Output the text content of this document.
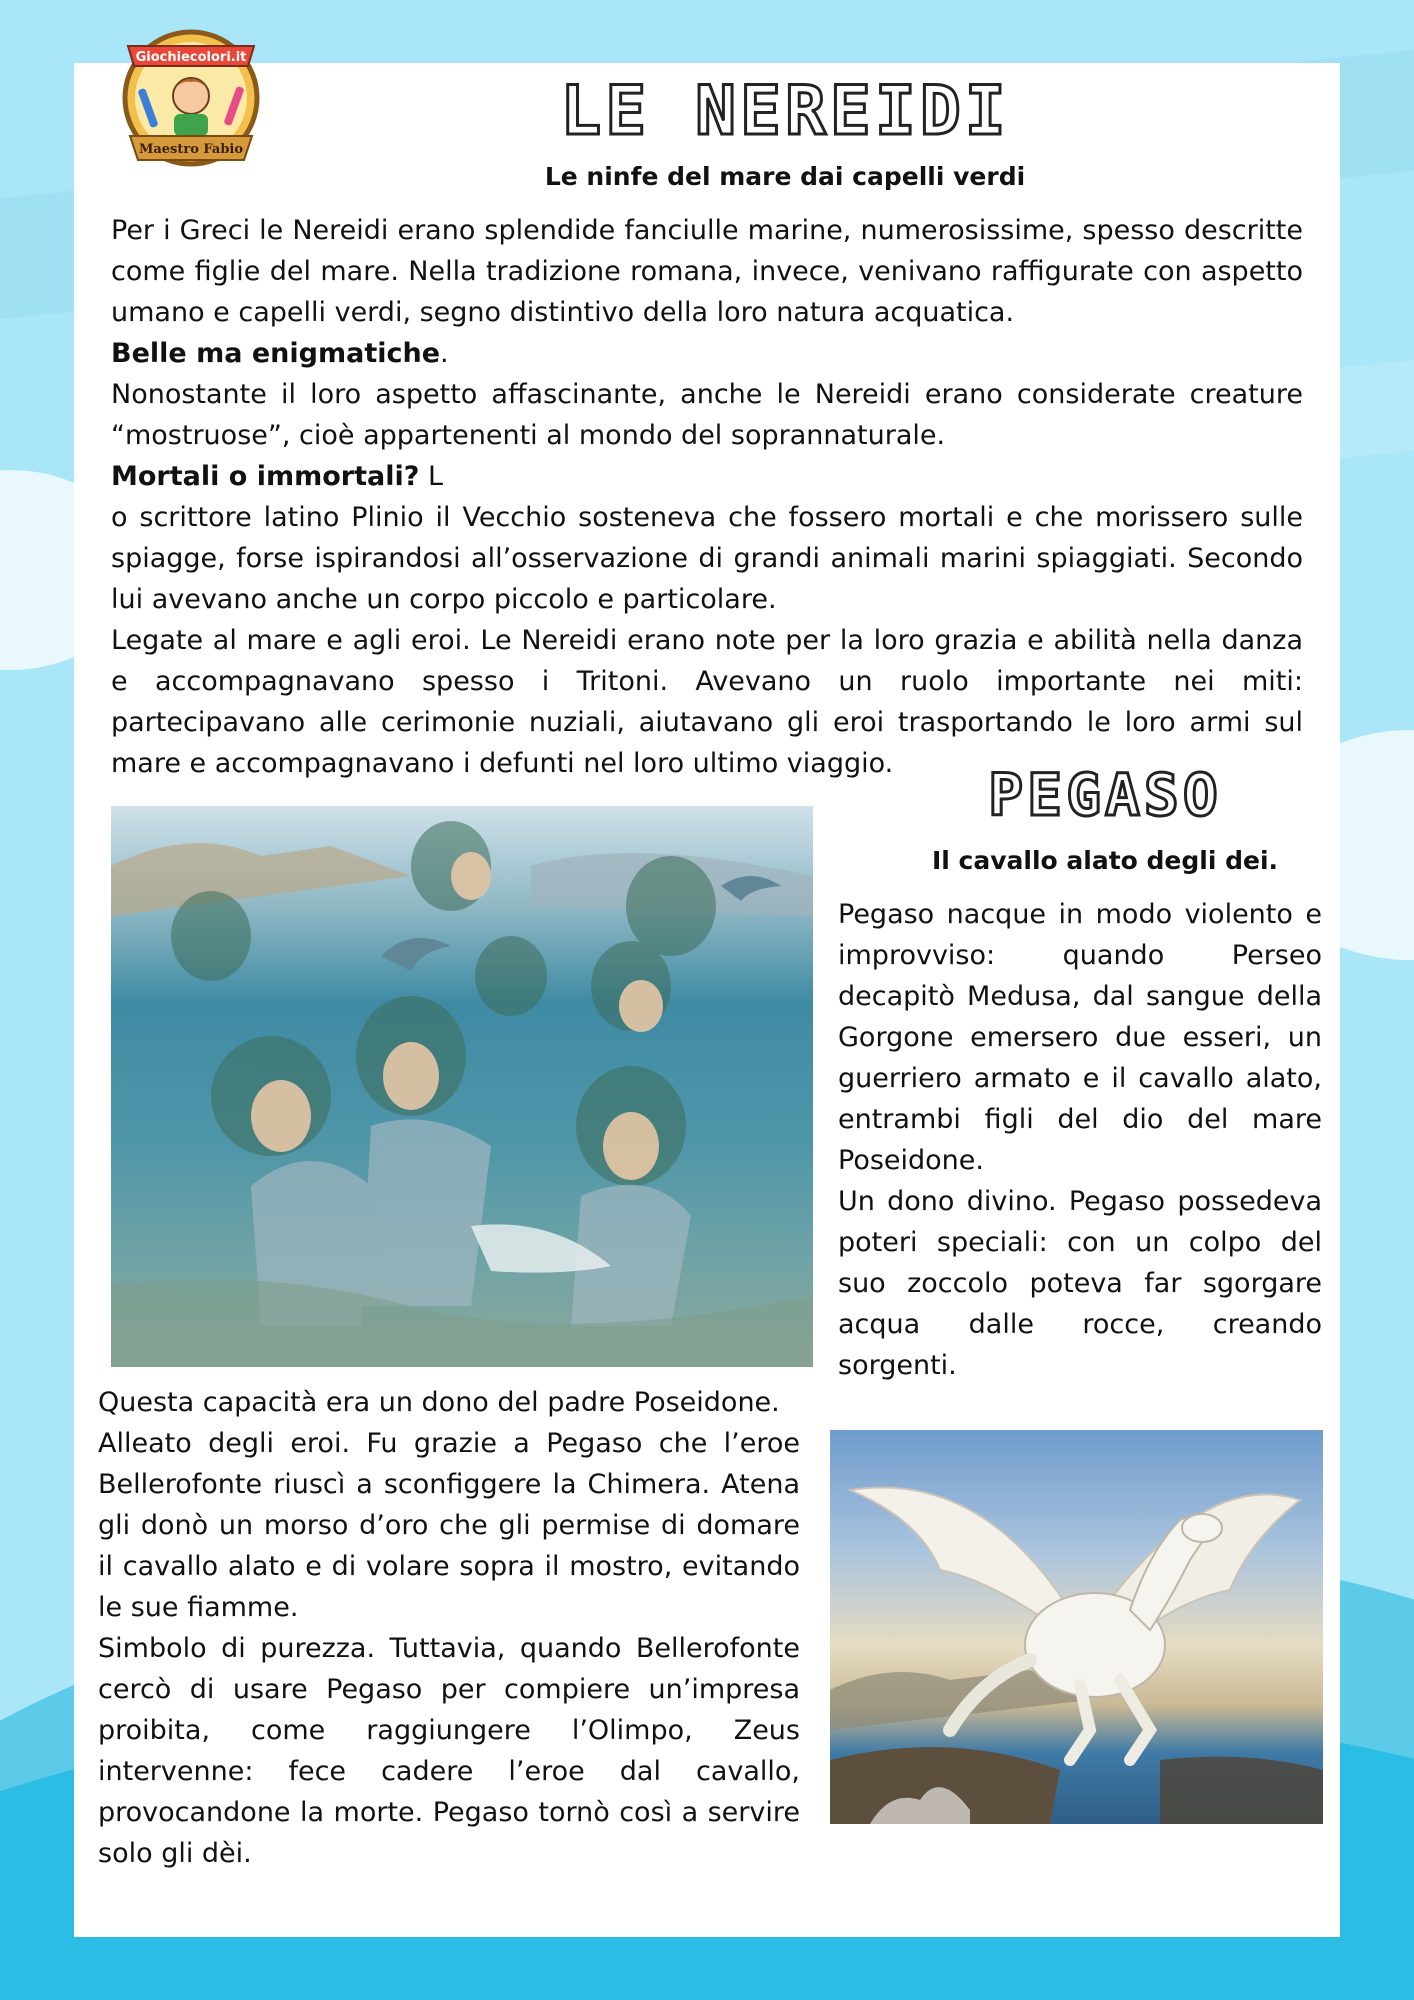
Giochiecolori.it
Maestro Fabio	LE NEREIDI
Le ninfe del mare dai capelli verdi

Per i Greci le Nereidi erano splendide fanciulle marine, numerosissime, spesso descritte come figlie del mare. Nella tradizione romana, invece, venivano raffigurate con aspetto umano e capelli verdi, segno distintivo della loro natura acquatica.

Belle ma enigmatiche.

Nonostante il loro aspetto affascinante, anche le Nereidi erano considerate creature “mostruose”, cioè appartenenti al mondo del soprannaturale.

Mortali o immortali? L

o scrittore latino Plinio il Vecchio sosteneva che fossero mortali e che morissero sulle spiagge, forse ispirandosi all’osservazione di grandi animali marini spiaggiati. Secondo lui avevano anche un corpo piccolo e particolare.

Legate al mare e agli eroi. Le Nereidi erano note per la loro grazia e abilità nella danza e accompagnavano spesso i Tritoni. Avevano un ruolo importante nei miti: partecipavano alle cerimonie nuziali, aiutavano gli eroi trasportando le loro armi sul mare e accompagnavano i defunti nel loro ultimo viaggio.	PEGASO
Il cavallo alato degli dei.

Pegaso nacque in modo violento e improvviso: quando Perseo decapitò Medusa, dal sangue della Gorgone emersero due esseri, un guerriero armato e il cavallo alato, entrambi figli del dio del mare Poseidone.

Un dono divino. Pegaso possedeva poteri speciali: con un colpo del suo zoccolo poteva far sgorgare acqua dalle rocce, creando sorgenti.

Questa capacità era un dono del padre Poseidone.

Alleato degli eroi. Fu grazie a Pegaso che l’eroe Bellerofonte riuscì a sconfiggere la Chimera. Atena gli donò un morso d’oro che gli permise di domare il cavallo alato e di volare sopra il mostro, evitando le sue fiamme.

Simbolo di purezza. Tuttavia, quando Bellerofonte cercò di usare Pegaso per compiere un’impresa proibita, come raggiungere l’Olimpo, Zeus intervenne: fece cadere l’eroe dal cavallo, provocandone la morte. Pegaso tornò così a servire solo gli dèi.
